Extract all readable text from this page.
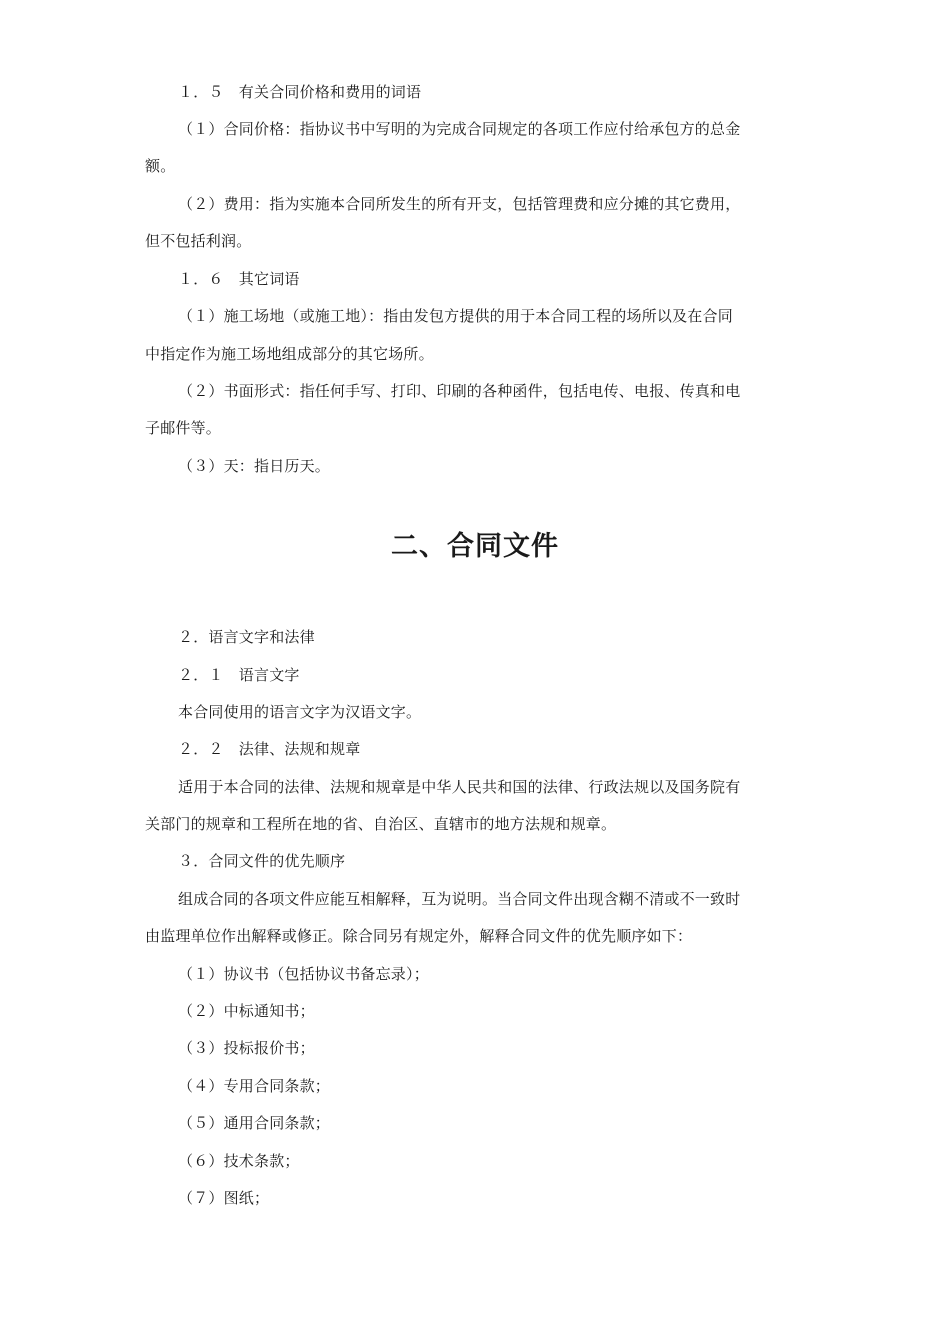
１．５　有关合同价格和费用的词语
（１）合同价格：指协议书中写明的为完成合同规定的各项工作应付给承包方的总金
额。
（２）费用：指为实施本合同所发生的所有开支，包括管理费和应分摊的其它费用，
但不包括利润。
１．６　其它词语
（１）施工场地（或施工地）：指由发包方提供的用于本合同工程的场所以及在合同
中指定作为施工场地组成部分的其它场所。
（２）书面形式：指任何手写、打印、印刷的各种函件，包括电传、电报、传真和电
子邮件等。
（３）天：指日历天。
二、合同文件
２．语言文字和法律
２．１　语言文字
本合同使用的语言文字为汉语文字。
２．２　法律、法规和规章
适用于本合同的法律、法规和规章是中华人民共和国的法律、行政法规以及国务院有
关部门的规章和工程所在地的省、自治区、直辖市的地方法规和规章。
３．合同文件的优先顺序
组成合同的各项文件应能互相解释，互为说明。当合同文件出现含糊不清或不一致时
由监理单位作出解释或修正。除合同另有规定外，解释合同文件的优先顺序如下：
（１）协议书（包括协议书备忘录）；
（２）中标通知书；
（３）投标报价书；
（４）专用合同条款；
（５）通用合同条款；
（６）技术条款；
（７）图纸；
